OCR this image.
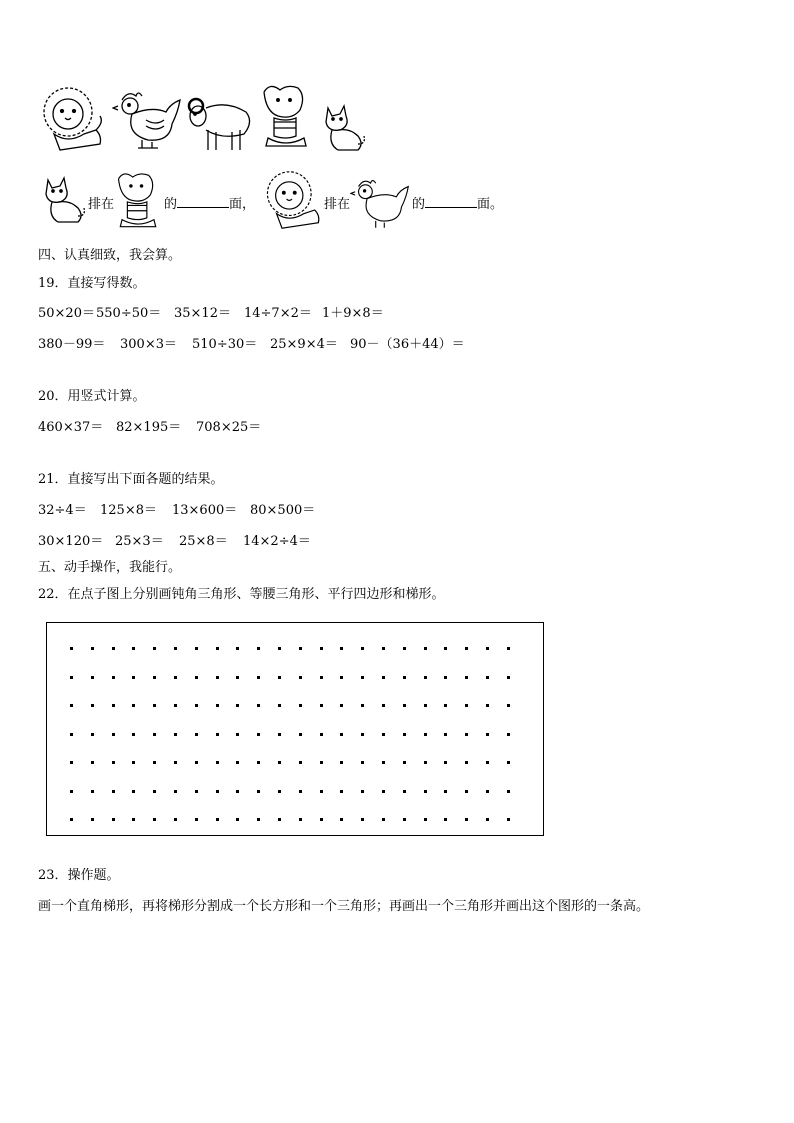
排在	的	面，	排在	的	面。
四、认真细致，我会算。
19．直接写得数。
50×20＝550÷50＝ 35×12＝ 14÷7×2＝ 1＋9×8＝
380－99＝ 300×3＝ 510÷30＝ 25×9×4＝ 90－（36＋44）＝
20．用竖式计算。
460×37＝ 82×195＝ 708×25＝
21．直接写出下面各题的结果。
32÷4＝ 125×8＝ 13×600＝ 80×500＝
30×120＝ 25×3＝ 25×8＝ 14×2÷4＝
五、动手操作，我能行。
22．在点子图上分别画钝角三角形、等腰三角形、平行四边形和梯形。
23．操作题。
画一个直角梯形，再将梯形分割成一个长方形和一个三角形；再画出一个三角形并画出这个图形的一条高。
